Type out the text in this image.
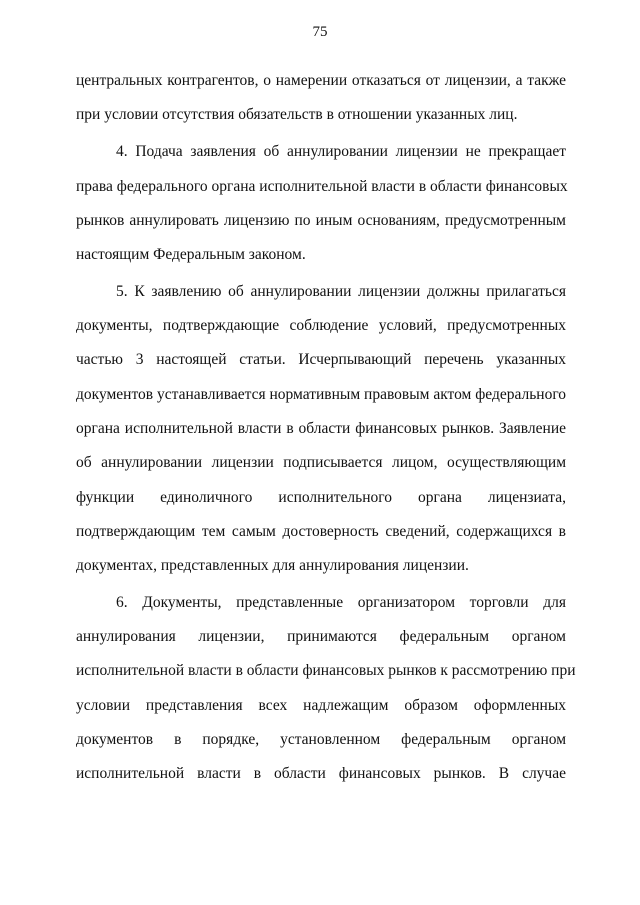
75
центральных контрагентов, о намерении отказаться от лицензии, а также
при условии отсутствия обязательств в отношении указанных лиц.
4. Подача заявления об аннулировании лицензии не прекращает
права федерального органа исполнительной власти в области финансовых
рынков аннулировать лицензию по иным основаниям, предусмотренным
настоящим Федеральным законом.
5. К заявлению об аннулировании лицензии должны прилагаться
документы, подтверждающие соблюдение условий, предусмотренных
частью 3 настоящей статьи. Исчерпывающий перечень указанных
документов устанавливается нормативным правовым актом федерального
органа исполнительной власти в области финансовых рынков. Заявление
об аннулировании лицензии подписывается лицом, осуществляющим
функции единоличного исполнительного органа лицензиата,
подтверждающим тем самым достоверность сведений, содержащихся в
документах, представленных для аннулирования лицензии.
6. Документы, представленные организатором торговли для
аннулирования лицензии, принимаются федеральным органом
исполнительной власти в области финансовых рынков к рассмотрению при
условии представления всех надлежащим образом оформленных
документов в порядке, установленном федеральным органом
исполнительной власти в области финансовых рынков. В случае
